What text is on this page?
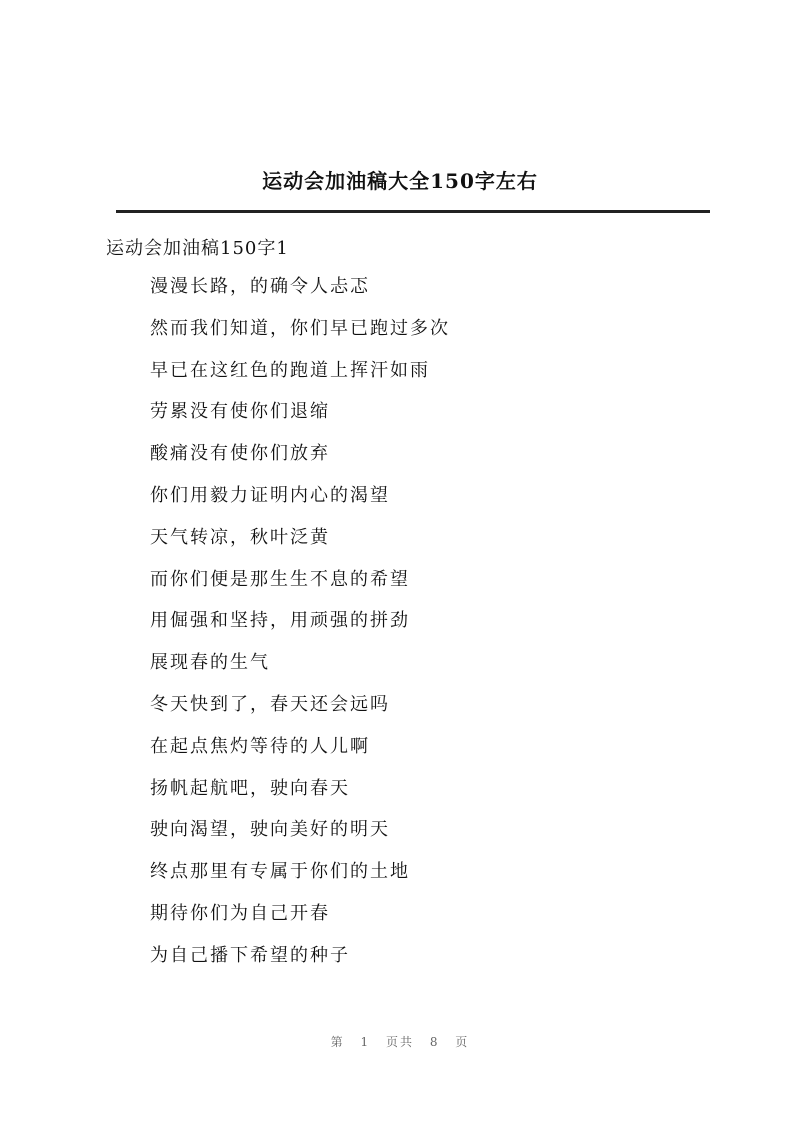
运动会加油稿大全150字左右
运动会加油稿150字1
漫漫长路，的确令人忐忑
然而我们知道，你们早已跑过多次
早已在这红色的跑道上挥汗如雨
劳累没有使你们退缩
酸痛没有使你们放弃
你们用毅力证明内心的渴望
天气转凉，秋叶泛黄
而你们便是那生生不息的希望
用倔强和坚持，用顽强的拼劲
展现春的生气
冬天快到了，春天还会远吗
在起点焦灼等待的人儿啊
扬帆起航吧，驶向春天
驶向渴望，驶向美好的明天
终点那里有专属于你们的土地
期待你们为自己开春
为自己播下希望的种子
第 1 页共 8 页
